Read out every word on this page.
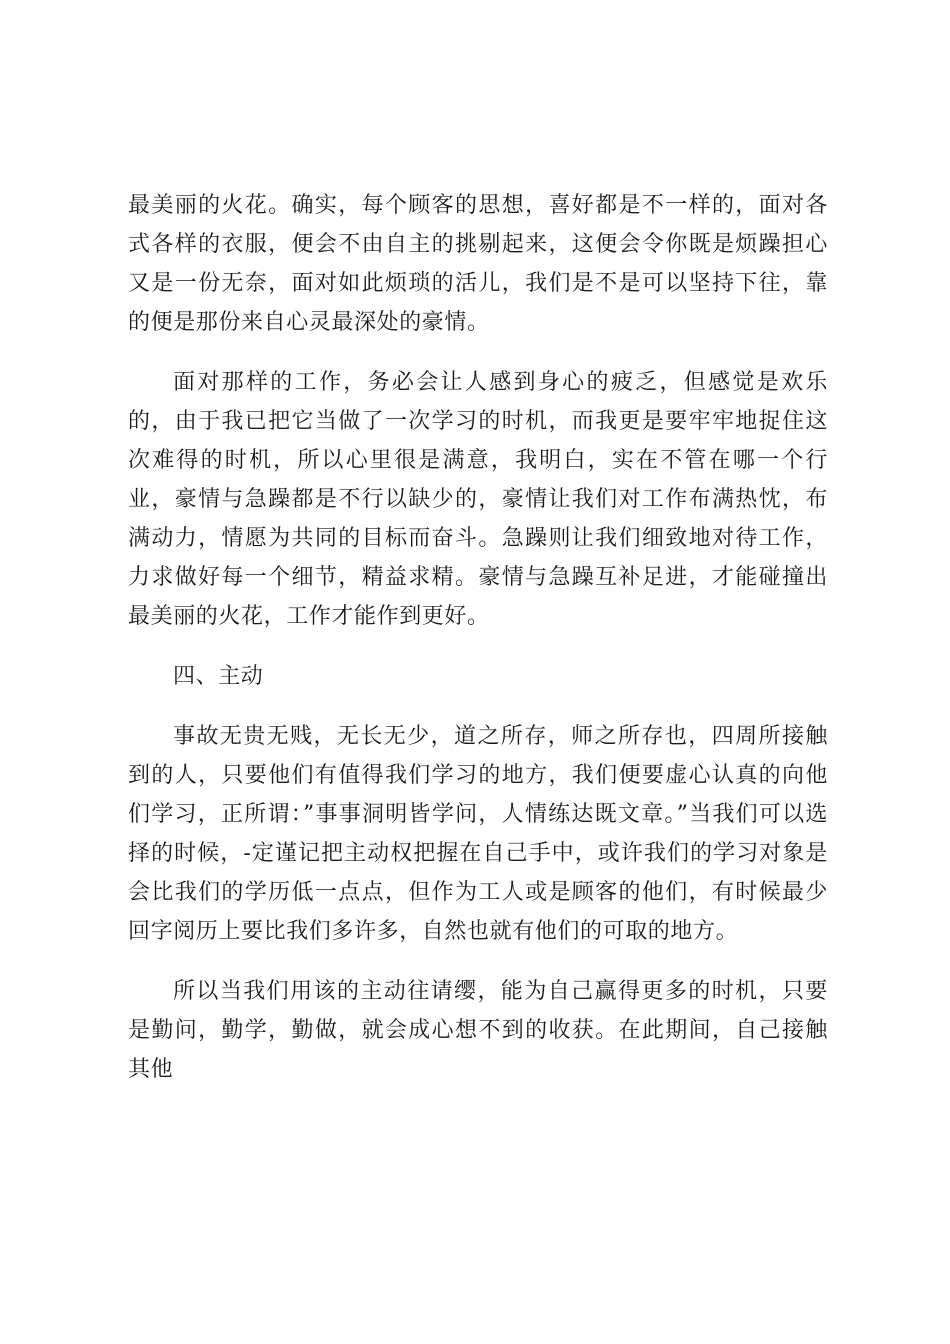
最美丽的火花。确实，每个顾客的思想，喜好都是不一样的，面对各式各样的衣服，便会不由自主的挑剔起来，这便会令你既是烦躁担心又是一份无奈，面对如此烦琐的活儿，我们是不是可以坚持下往，靠的便是那份来自心灵最深处的豪情。

面对那样的工作，务必会让人感到身心的疲乏，但感觉是欢乐的，由于我已把它当做了一次学习的时机，而我更是要牢牢地捉住这次难得的时机，所以心里很是满意，我明白，实在不管在哪一个行业，豪情与急躁都是不行以缺少的，豪情让我们对工作布满热忱，布满动力，情愿为共同的目标而奋斗。急躁则让我们细致地对待工作，力求做好每一个细节，精益求精。豪情与急躁互补足进，才能碰撞出最美丽的火花，工作才能作到更好。

四、主动

事故无贵无贱，无长无少，道之所存，师之所存也，四周所接触到的人，只要他们有值得我们学习的地方，我们便要虚心认真的向他们学习，正所谓：”事事洞明皆学问，人情练达既文章。”当我们可以选择的时候，-定谨记把主动权把握在自己手中，或许我们的学习对象是会比我们的学历低一点点，但作为工人或是顾客的他们，有时候最少回字阅历上要比我们多许多，自然也就有他们的可取的地方。

所以当我们用该的主动往请缨，能为自己赢得更多的时机，只要是勤问，勤学，勤做，就会成心想不到的收获。在此期间，自己接触其他
